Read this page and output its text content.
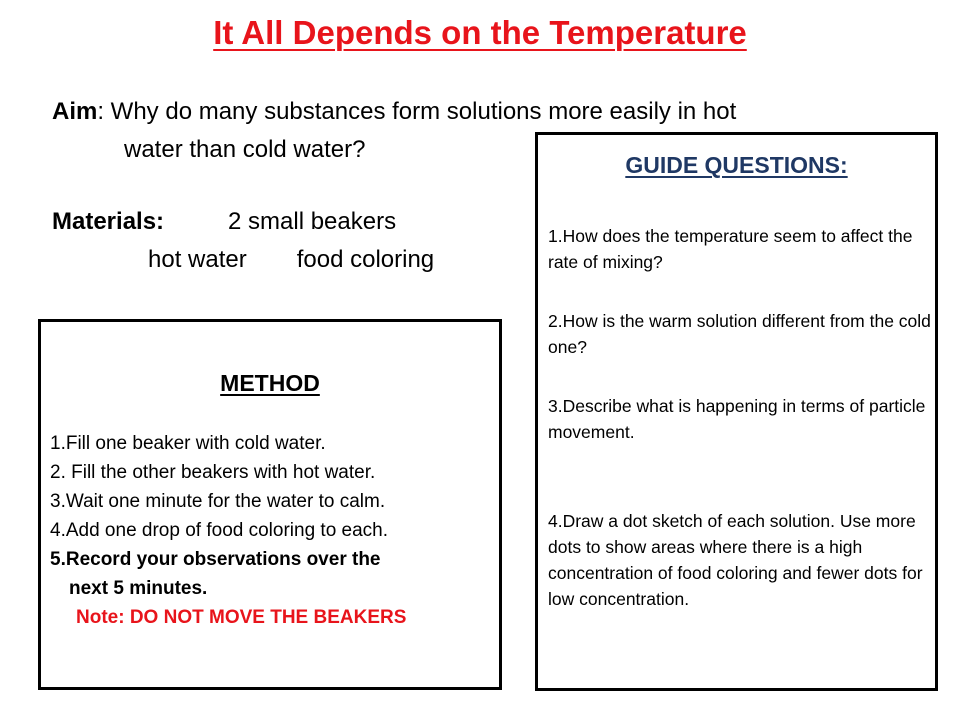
It All Depends on the Temperature
Aim: Why do many substances form solutions more easily in hot
water than cold water?
Materials:	2 small beakers
hot water food coloring
METHOD
1.Fill one beaker with cold water.
2. Fill the other beakers with hot water.
3.Wait one minute for the water to calm.
4.Add one drop of food coloring to each.
5.Record your observations over the
next 5 minutes.
Note: DO NOT MOVE THE BEAKERS
GUIDE QUESTIONS:
1.How does the temperature seem to affect the rate of mixing?
2.How is the warm solution different from the cold one?
3.Describe what is happening in terms of particle movement.
4.Draw a dot sketch of each solution. Use more dots to show areas where there is a high concentration of food coloring and fewer dots for low concentration.
